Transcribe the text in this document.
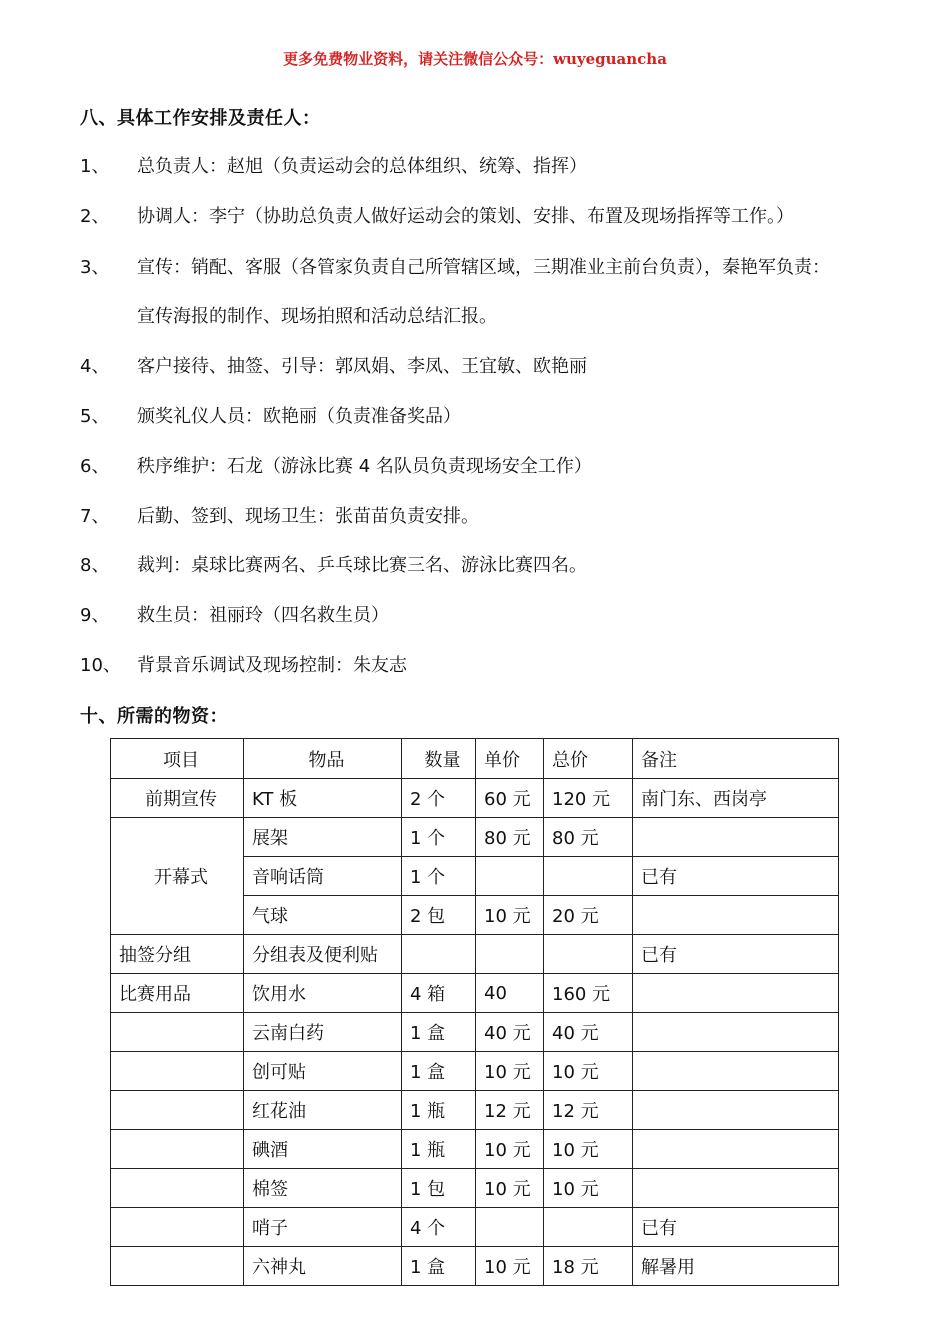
更多免费物业资料，请关注微信公众号：wuyeguancha
八、具体工作安排及责任人：
1、 总负责人：赵旭（负责运动会的总体组织、统筹、指挥）
2、 协调人：李宁（协助总负责人做好运动会的策划、安排、布置及现场指挥等工作。）
3、 宣传：销配、客服（各管家负责自己所管辖区域，三期准业主前台负责），秦艳军负责：
宣传海报的制作、现场拍照和活动总结汇报。
4、 客户接待、抽签、引导：郭凤娟、李凤、王宜敏、欧艳丽
5、 颁奖礼仪人员：欧艳丽（负责准备奖品）
6、 秩序维护：石龙（游泳比赛 4 名队员负责现场安全工作）
7、 后勤、签到、现场卫生：张苗苗负责安排。
8、 裁判：桌球比赛两名、乒乓球比赛三名、游泳比赛四名。
9、 救生员：祖丽玲（四名救生员）
10、 背景音乐调试及现场控制：朱友志
十、所需的物资：
项目	物品	数量	单价	总价	备注
前期宣传	KT 板	2 个	60 元	120 元	南门东、西岗亭
开幕式	展架	1 个	80 元	80 元	
	音响话筒	1 个			已有
	气球	2 包	10 元	20 元	
抽签分组	分组表及便利贴				已有
比赛用品	饮用水	4 箱	40	160 元	
	云南白药	1 盒	40 元	40 元	
	创可贴	1 盒	10 元	10 元	
	红花油	1 瓶	12 元	12 元	
	碘酒	1 瓶	10 元	10 元	
	棉签	1 包	10 元	10 元	
	哨子	4 个			已有
	六神丸	1 盒	10 元	18 元	解暑用
